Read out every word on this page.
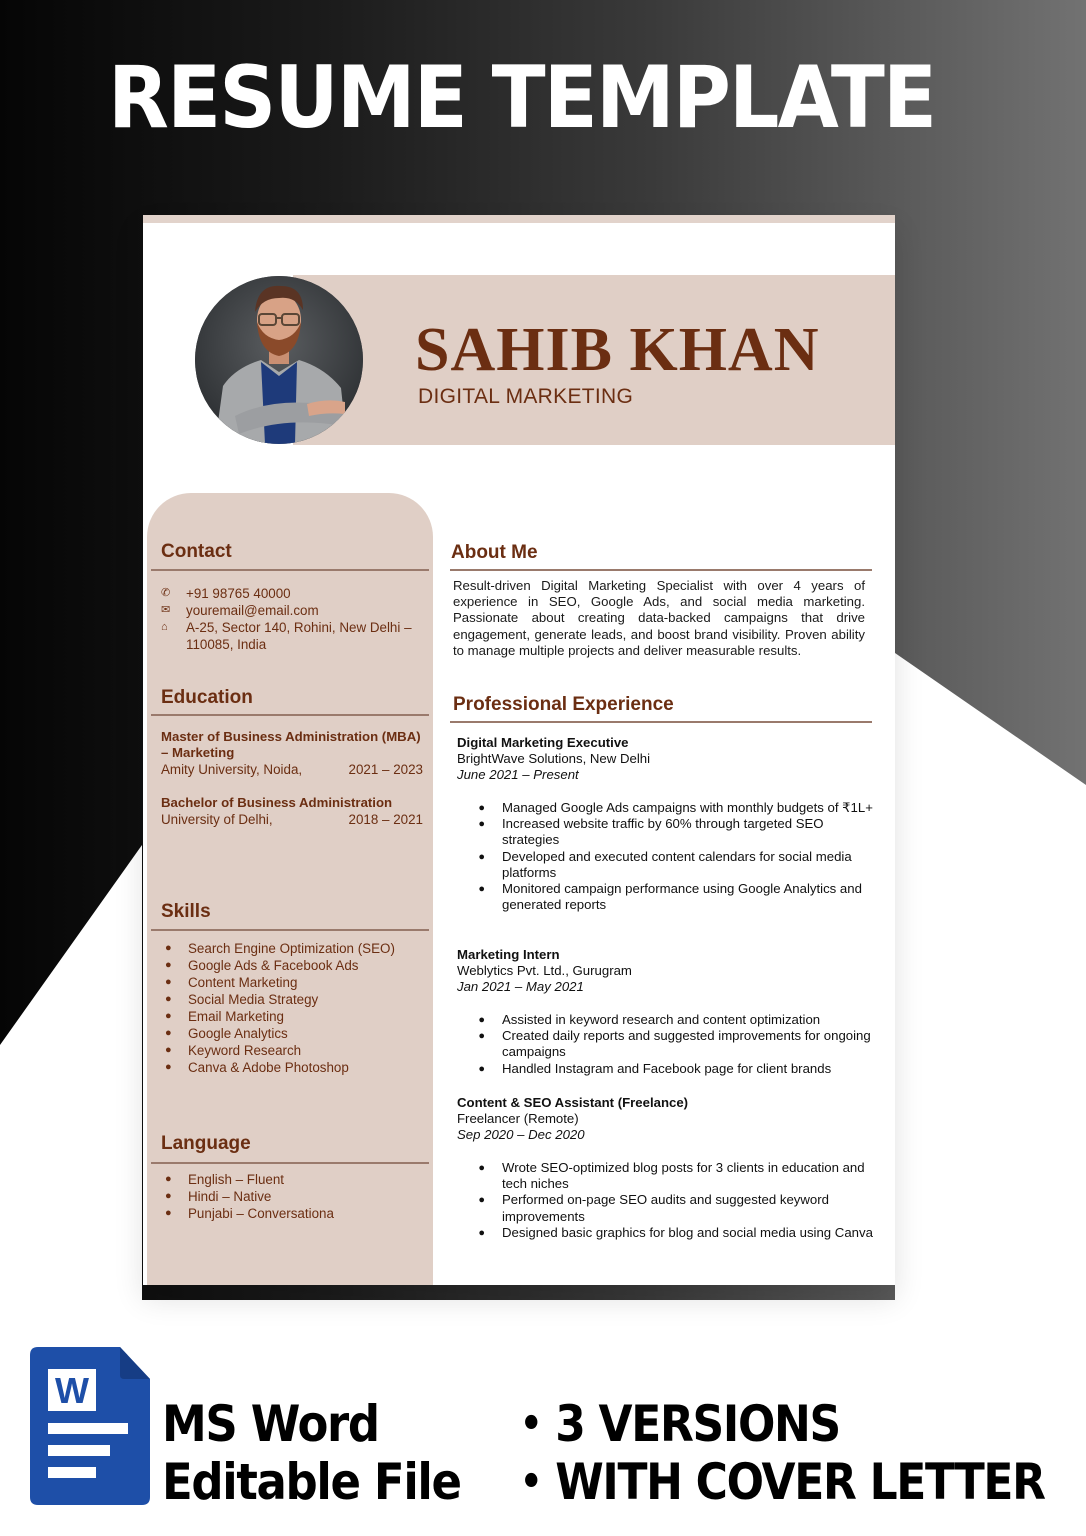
RESUME TEMPLATE
SAHIB KHAN
DIGITAL MARKETING
Contact
✆	+91 98765 40000
✉	youremail@email.com
⌂	A-25, Sector 140, Rohini, New Delhi – 110085, India
Education
Master of Business Administration (MBA) – Marketing
Amity University, Noida,	2021 – 2023
Bachelor of Business Administration
University of Delhi,	2018 – 2021
Skills
●	Search Engine Optimization (SEO)
●	Google Ads & Facebook Ads
●	Content Marketing
●	Social Media Strategy
●	Email Marketing
●	Google Analytics
●	Keyword Research
●	Canva & Adobe Photoshop
Language
●	English – Fluent
●	Hindi – Native
●	Punjabi – Conversationa
About Me
Result-driven Digital Marketing Specialist with over 4 years of experience in SEO, Google Ads, and social media marketing. Passionate about creating data-backed campaigns that drive engagement, generate leads, and boost brand visibility. Proven ability to manage multiple projects and deliver measurable results.
Professional Experience
Digital Marketing Executive
BrightWave Solutions, New Delhi
June 2021 – Present
●	Managed Google Ads campaigns with monthly budgets of ₹1L+
●	Increased website traffic by 60% through targeted SEO strategies
●	Developed and executed content calendars for social media platforms
●	Monitored campaign performance using Google Analytics and generated reports
Marketing Intern
Weblytics Pvt. Ltd., Gurugram
Jan 2021 – May 2021
●	Assisted in keyword research and content optimization
●	Created daily reports and suggested improvements for ongoing campaigns
●	Handled Instagram and Facebook page for client brands
Content & SEO Assistant (Freelance)
Freelancer (Remote)
Sep 2020 – Dec 2020
●	Wrote SEO-optimized blog posts for 3 clients in education and tech niches
●	Performed on-page SEO audits and suggested keyword improvements
●	Designed basic graphics for blog and social media using Canva
W
MS Word
Editable File
• 3 VERSIONS
• WITH COVER LETTER
